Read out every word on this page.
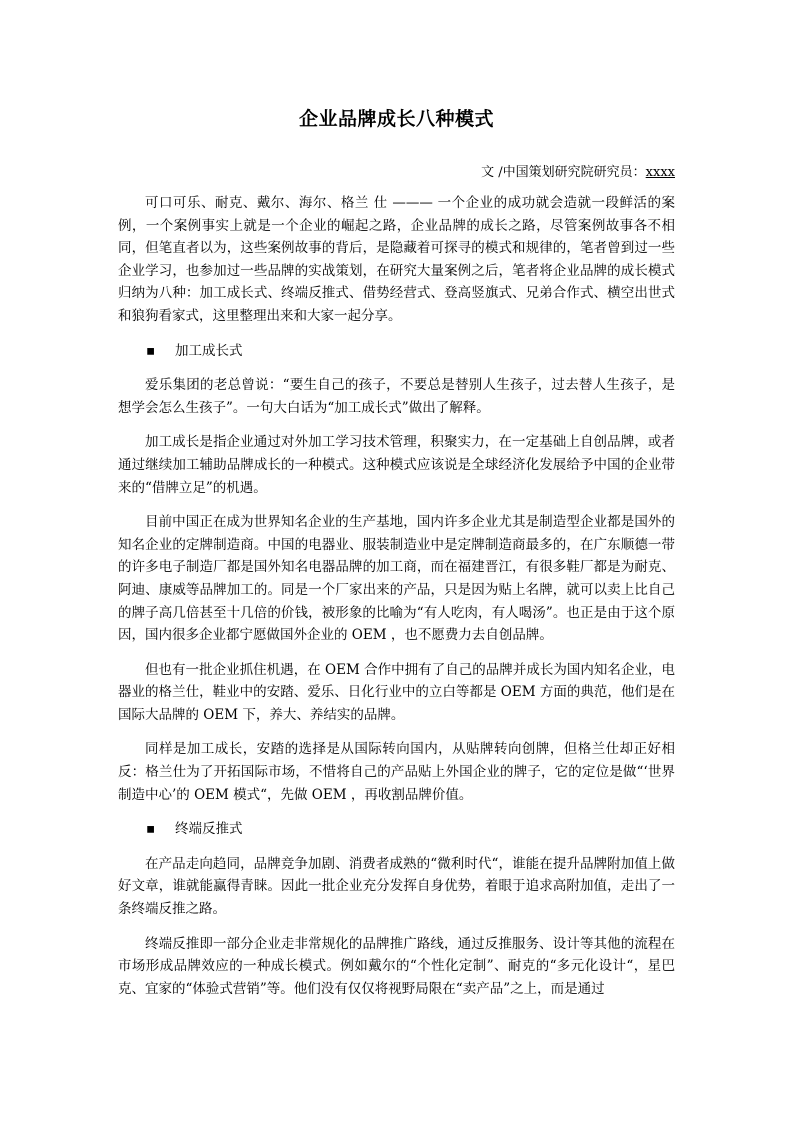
企业品牌成长八种模式
文 /中国策划研究院研究员：xxxx

可口可乐、耐克、戴尔、海尔、格兰 仕 ——— 一个企业的成功就会造就一段鲜活的案例，一个案例事实上就是一个企业的崛起之路，企业品牌的成长之路，尽管案例故事各不相同，但笔直者以为，这些案例故事的背后，是隐藏着可探寻的模式和规律的，笔者曾到过一些企业学习，也参加过一些品牌的实战策划，在研究大量案例之后，笔者将企业品牌的成长模式归纳为八种：加工成长式、终端反推式、借势经营式、登高竖旗式、兄弟合作式、横空出世式和狼狗看家式，这里整理出来和大家一起分享。

▪ 加工成长式

爱乐集团的老总曾说：“要生自己的孩子，不要总是替别人生孩子，过去替人生孩子，是想学会怎么生孩子”。一句大白话为“加工成长式”做出了解释。

加工成长是指企业通过对外加工学习技术管理，积聚实力，在一定基础上自创品牌，或者通过继续加工辅助品牌成长的一种模式。这种模式应该说是全球经济化发展给予中国的企业带来的“借牌立足”的机遇。

目前中国正在成为世界知名企业的生产基地，国内许多企业尤其是制造型企业都是国外的知名企业的定牌制造商。中国的电器业、服装制造业中是定牌制造商最多的，在广东顺德一带的许多电子制造厂都是国外知名电器品牌的加工商，而在福建晋江，有很多鞋厂都是为耐克、阿迪、康威等品牌加工的。同是一个厂家出来的产品，只是因为贴上名牌，就可以卖上比自己的牌子高几倍甚至十几倍的价钱，被形象的比喻为“有人吃肉，有人喝汤”。也正是由于这个原因，国内很多企业都宁愿做国外企业的 OEM ，也不愿费力去自创品牌。

但也有一批企业抓住机遇，在 OEM 合作中拥有了自己的品牌并成长为国内知名企业，电器业的格兰仕，鞋业中的安踏、爱乐、日化行业中的立白等都是 OEM 方面的典范，他们是在国际大品牌的 OEM 下，养大、养结实的品牌。

同样是加工成长，安踏的选择是从国际转向国内，从贴牌转向创牌，但格兰仕却正好相反：格兰仕为了开拓国际市场，不惜将自己的产品贴上外国企业的牌子，它的定位是做“‘世界制造中心’的 OEM 模式“，先做 OEM ，再收割品牌价值。

▪ 终端反推式

在产品走向趋同，品牌竞争加剧、消费者成熟的“微利时代“，谁能在提升品牌附加值上做好文章，谁就能赢得青睐。因此一批企业充分发挥自身优势，着眼于追求高附加值，走出了一条终端反推之路。

终端反推即一部分企业走非常规化的品牌推广路线，通过反推服务、设计等其他的流程在市场形成品牌效应的一种成长模式。例如戴尔的“个性化定制”、耐克的“多元化设计“，星巴克、宜家的“体验式营销”等。他们没有仅仅将视野局限在“卖产品”之上，而是通过
